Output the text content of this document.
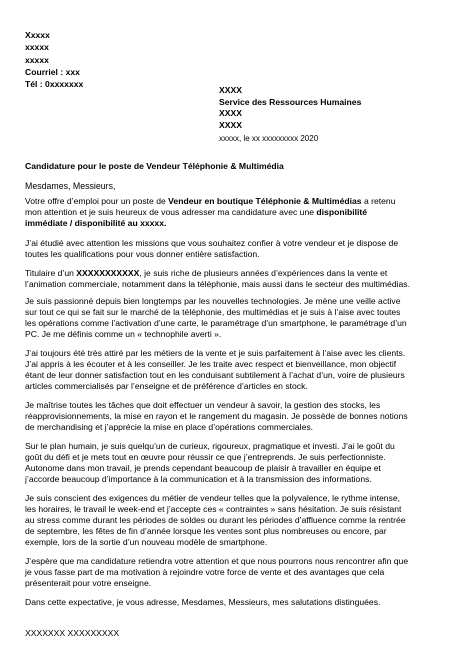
Xxxxx
xxxxx
xxxxx
Courriel : xxx
Tél : 0xxxxxxx
XXXX
Service des Ressources Humaines
XXXX
XXXX
xxxxx, le xx xxxxxxxxx 2020
Candidature pour le poste de Vendeur Téléphonie & Multimédia
Mesdames, Messieurs,
Votre offre d’emploi pour un poste de Vendeur en boutique Téléphonie & Multimédias a retenu
mon attention et je suis heureux de vous adresser ma candidature avec une disponibilité
immédiate / disponibilité au xxxxx.
J’ai étudié avec attention les missions que vous souhaitez confier à votre vendeur et je dispose de
toutes les qualifications pour vous donner entière satisfaction.
Titulaire d’un XXXXXXXXXXX, je suis riche de plusieurs années d’expériences dans la vente et
l’animation commerciale, notamment dans la téléphonie, mais aussi dans le secteur des multimédias.
Je suis passionné depuis bien longtemps par les nouvelles technologies. Je mène une veille active
sur tout ce qui se fait sur le marché de la téléphonie, des multimédias et je suis à l’aise avec toutes
les opérations comme l’activation d’une carte, le paramétrage d’un smartphone, le paramétrage d’un
PC. Je me définis comme un « technophile averti ».
J’ai toujours été très attiré par les métiers de la vente et je suis parfaitement à l’aise avec les clients.
J’ai appris à les écouter et à les conseiller. Je les traite avec respect et bienveillance, mon objectif
étant de leur donner satisfaction tout en les conduisant subtilement à l’achat d’un, voire de plusieurs
articles commercialisés par l’enseigne et de préférence d’articles en stock.
Je maîtrise toutes les tâches que doit effectuer un vendeur à savoir, la gestion des stocks, les
réapprovisionnements, la mise en rayon et le rangement du magasin. Je possède de bonnes notions
de merchandising et j’apprécie la mise en place d’opérations commerciales.
Sur le plan humain, je suis quelqu’un de curieux, rigoureux, pragmatique et investi. J’ai le goût du
goût du défi et je mets tout en œuvre pour réussir ce que j’entreprends. Je suis perfectionniste.
Autonome dans mon travail, je prends cependant beaucoup de plaisir à travailler en équipe et
j’accorde beaucoup d’importance à la communication et à la transmission des informations.
Je suis conscient des exigences du métier de vendeur telles que la polyvalence, le rythme intense,
les horaires, le travail le week-end et j’accepte ces « contraintes » sans hésitation. Je suis résistant
au stress comme durant les périodes de soldes ou durant les périodes d’affluence comme la rentrée
de septembre, les fêtes de fin d’année lorsque les ventes sont plus nombreuses ou encore, par
exemple, lors de la sortie d’un nouveau modèle de smartphone.
J’espère que ma candidature retiendra votre attention et que nous pourrons nous rencontrer afin que
je vous fasse part de ma motivation à rejoindre votre force de vente et des avantages que cela
présenterait pour votre enseigne.
Dans cette expectative, je vous adresse, Mesdames, Messieurs, mes salutations distinguées.
XXXXXXX XXXXXXXXX
